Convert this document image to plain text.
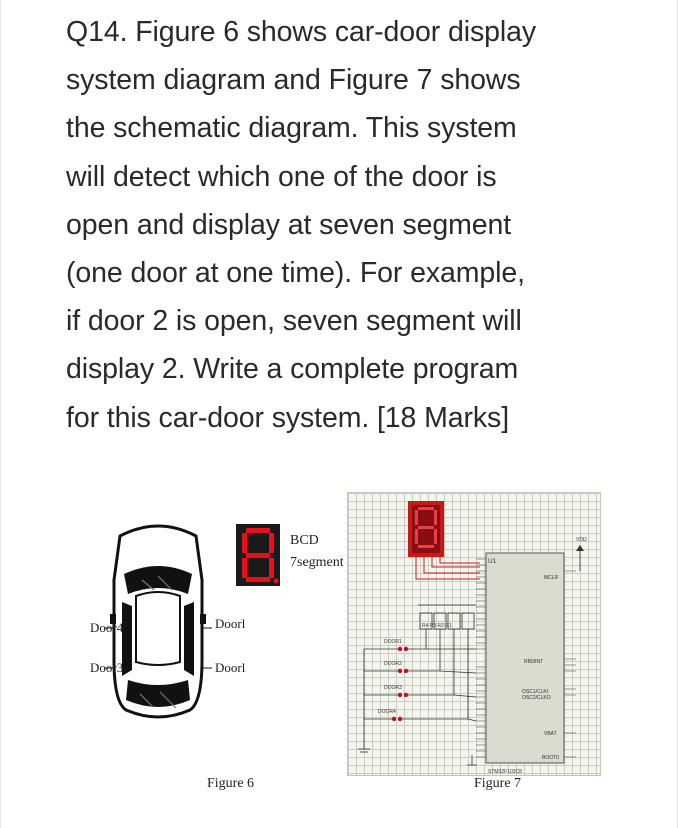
Q14. Figure 6 shows car-door display
system diagram and Figure 7 shows
the schematic diagram. This system
will detect which one of the door is
open and display at seven segment
(one door at one time). For example,
if door 2 is open, seven segment will
display 2. Write a complete program
for this car-door system. [18 Marks]
BCD
7segment
Door4
Door3
Doorl
Doorl
Figure 6
U1
MCLR
RB0/INT
OSC1/CLKI
OSC2/CLKO
VBAT
BOOT0
STM32F103C8
VDD
R4 R3 R2 R1
DOOR1
DOOR2
DOOR3
DOOR4
Figure 7
